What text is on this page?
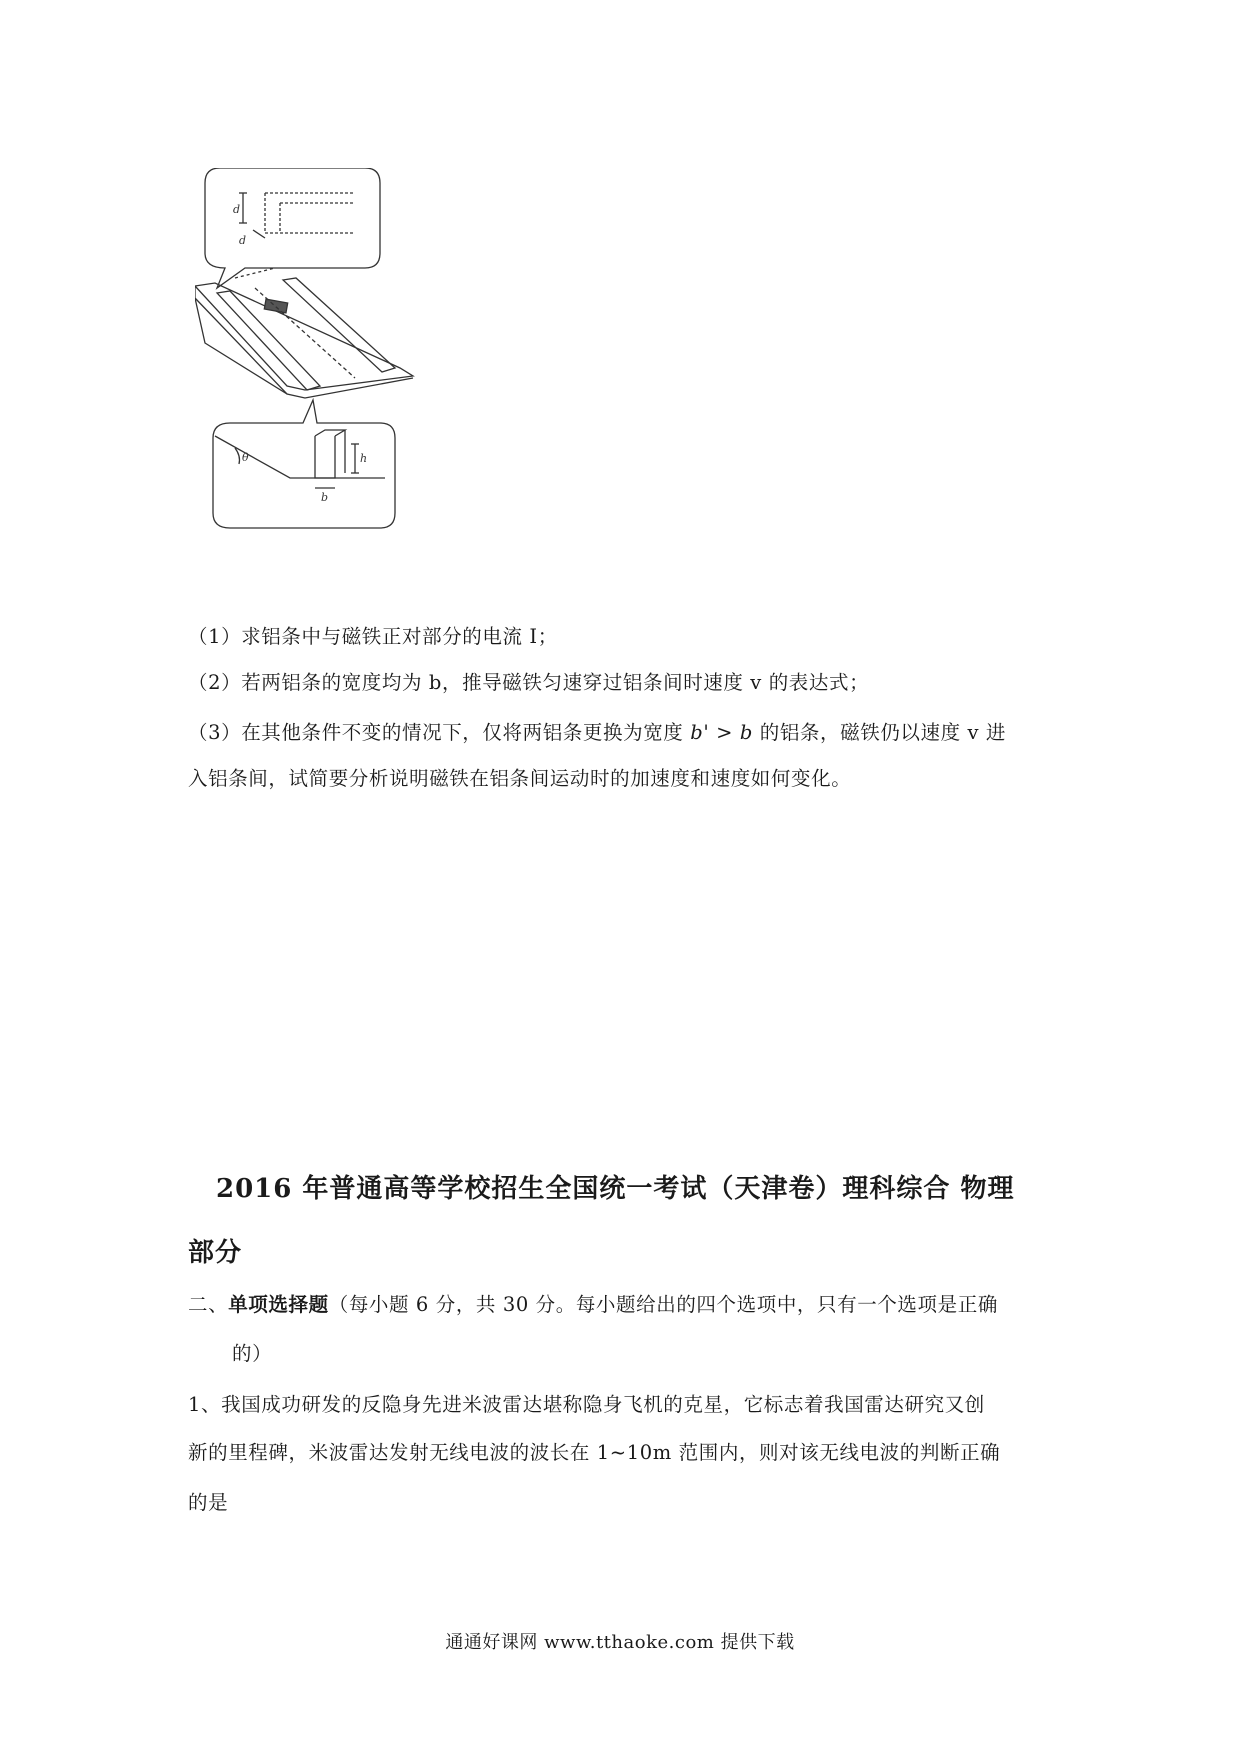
d
d
h
b
θ
（1）求铝条中与磁铁正对部分的电流 I；
（2）若两铝条的宽度均为 b，推导磁铁匀速穿过铝条间时速度 v 的表达式；
（3）在其他条件不变的情况下，仅将两铝条更换为宽度 b' > b 的铝条，磁铁仍以速度 v 进
入铝条间，试简要分析说明磁铁在铝条间运动时的加速度和速度如何变化。
2016 年普通高等学校招生全国统一考试（天津卷）理科综合 物理
部分
二、单项选择题（每小题 6 分，共 30 分。每小题给出的四个选项中，只有一个选项是正确
的）
1、我国成功研发的反隐身先进米波雷达堪称隐身飞机的克星，它标志着我国雷达研究又创
新的里程碑，米波雷达发射无线电波的波长在 1~10m 范围内，则对该无线电波的判断正确
的是
通通好课网 www.tthaoke.com 提供下载
